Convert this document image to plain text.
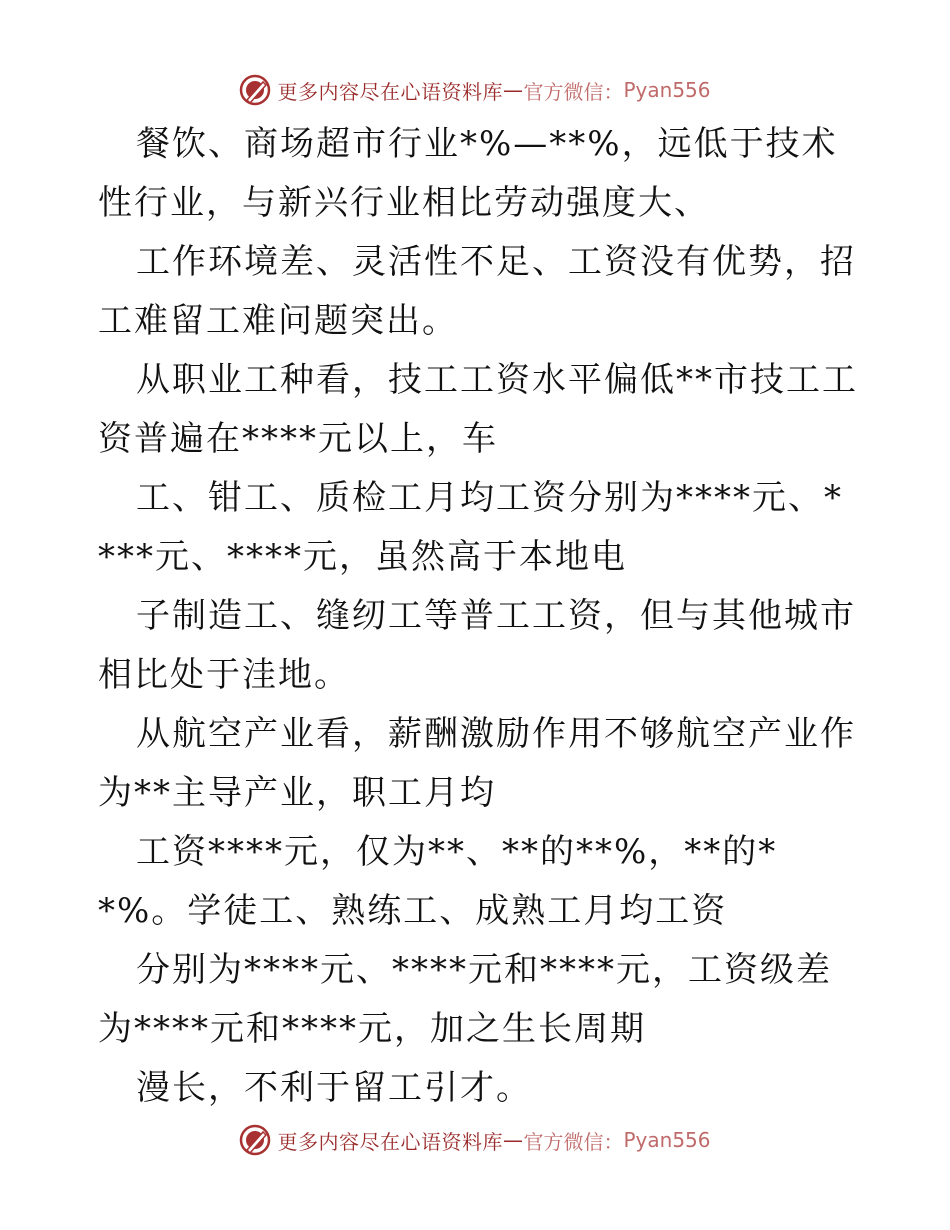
更多内容尽在心语资料库 — 官方微信： Pyan556

餐饮、商场超市行业*%—**%，远低于技术性行业，与新兴行业相比劳动强度大、

工作环境差、灵活性不足、工资没有优势，招工难留工难问题突出。

从职业工种看，技工工资水平偏低**市技工工资普遍在****元以上，车

工、钳工、质检工月均工资分别为****元、****元、****元，虽然高于本地电

子制造工、缝纫工等普工工资，但与其他城市相比处于洼地。

从航空产业看，薪酬激励作用不够航空产业作为**主导产业，职工月均

工资****元，仅为**、**的**%，**的**%。学徒工、熟练工、成熟工月均工资

分别为****元、****元和****元，工资级差为****元和****元，加之生长周期

漫长，不利于留工引才。

更多内容尽在心语资料库 — 官方微信： Pyan556
